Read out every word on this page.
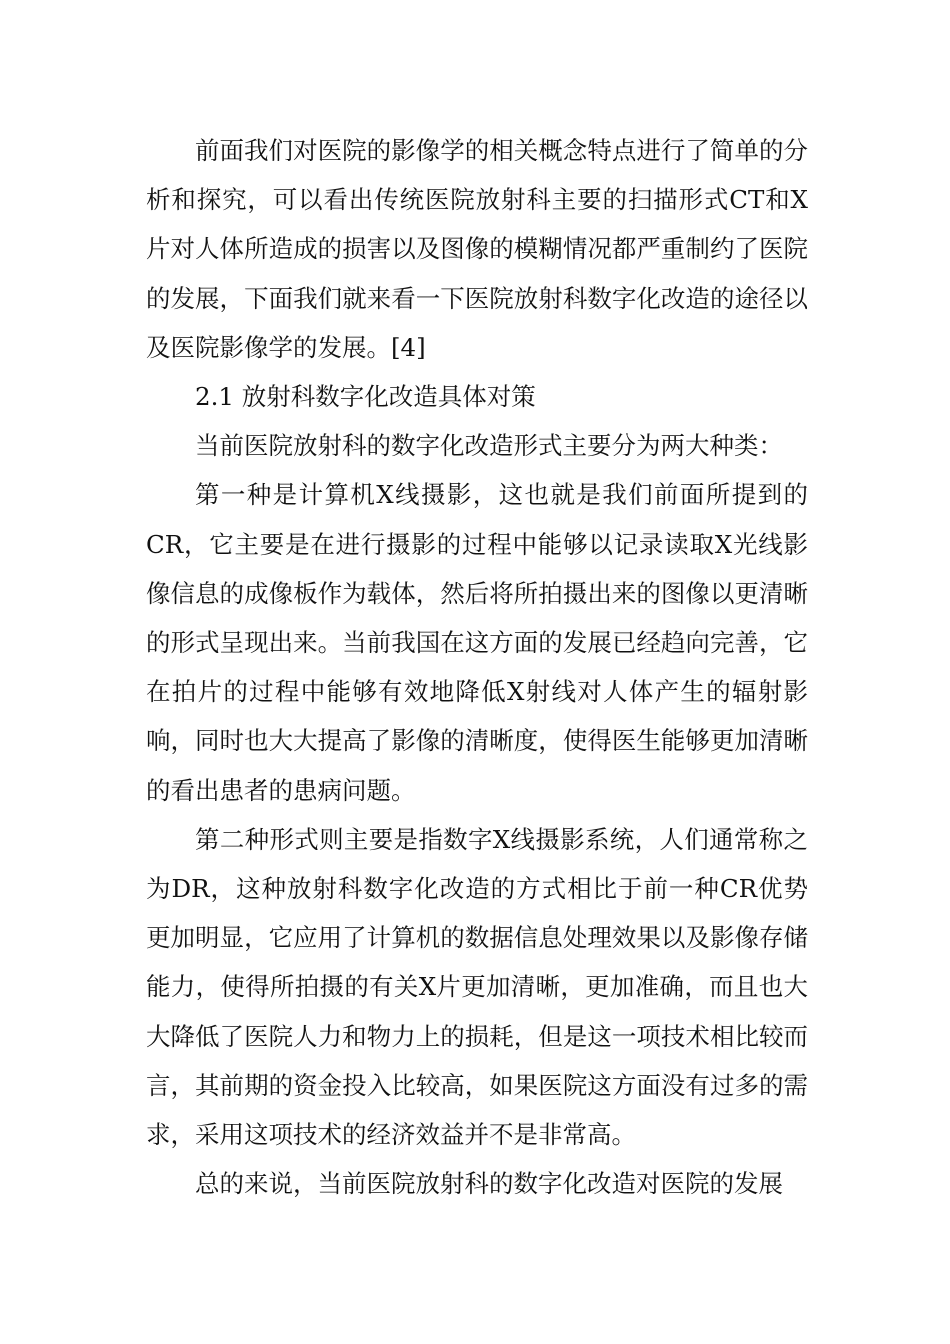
前面我们对医院的影像学的相关概念特点进行了简单的分析和探究，可以看出传统医院放射科主要的扫描形式CT和X片对人体所造成的损害以及图像的模糊情况都严重制约了医院的发展，下面我们就来看一下医院放射科数字化改造的途径以及医院影像学的发展。[4]

2.1 放射科数字化改造具体对策

当前医院放射科的数字化改造形式主要分为两大种类：

第一种是计算机X线摄影，这也就是我们前面所提到的CR，它主要是在进行摄影的过程中能够以记录读取X光线影像信息的成像板作为载体，然后将所拍摄出来的图像以更清晰的形式呈现出来。当前我国在这方面的发展已经趋向完善，它在拍片的过程中能够有效地降低X射线对人体产生的辐射影响，同时也大大提高了影像的清晰度，使得医生能够更加清晰的看出患者的患病问题。

第二种形式则主要是指数字X线摄影系统，人们通常称之为DR，这种放射科数字化改造的方式相比于前一种CR优势更加明显，它应用了计算机的数据信息处理效果以及影像存储能力，使得所拍摄的有关X片更加清晰，更加准确，而且也大大降低了医院人力和物力上的损耗，但是这一项技术相比较而言，其前期的资金投入比较高，如果医院这方面没有过多的需求，采用这项技术的经济效益并不是非常高。

总的来说，当前医院放射科的数字化改造对医院的发展
